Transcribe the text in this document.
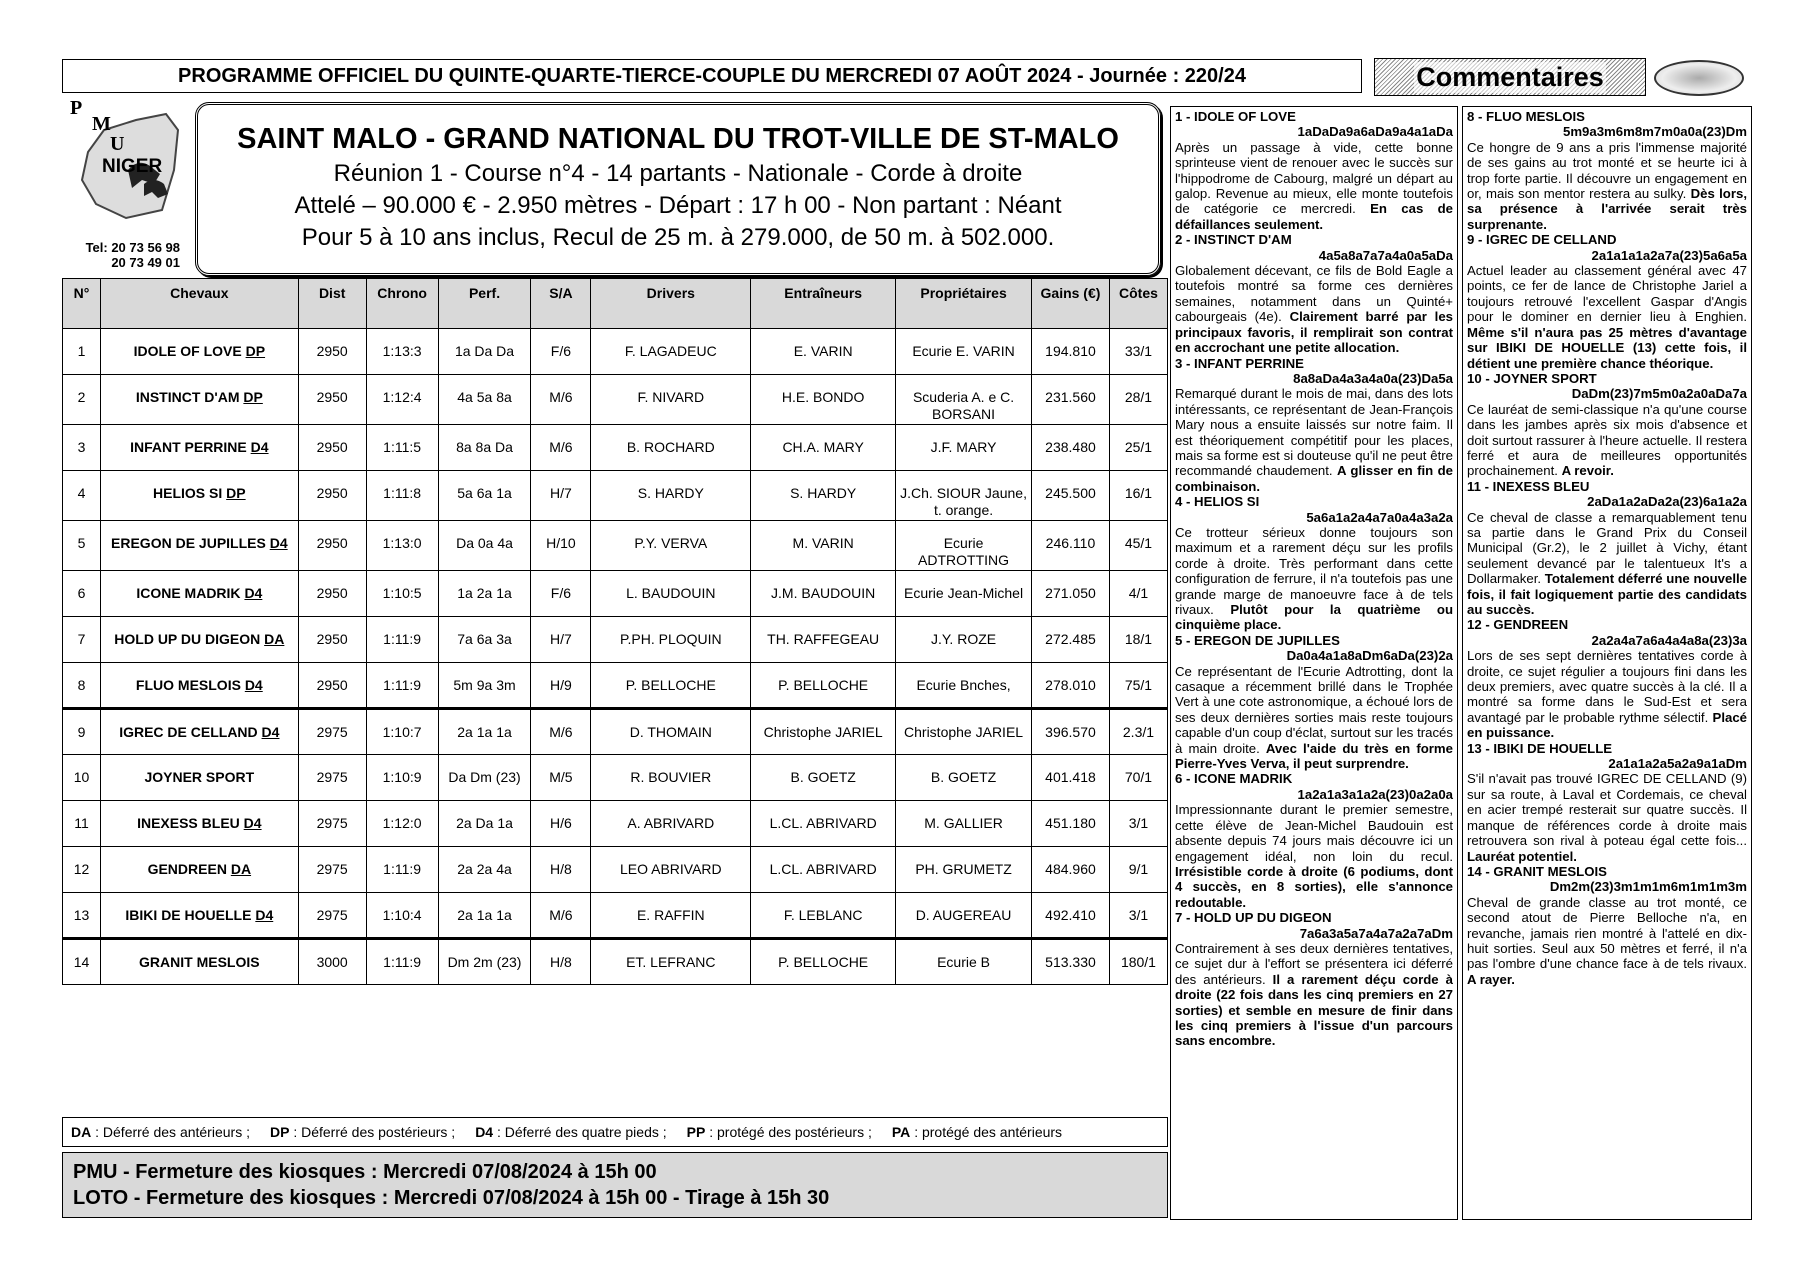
PROGRAMME OFFICIEL DU QUINTE-QUARTE-TIERCE-COUPLE DU MERCREDI 07 AOÛT 2024 - Journée : 220/24	Commentaires
P
M
U
NIGER
Tel: 20 73 56 98
20 73 49 01
SAINT MALO - GRAND NATIONAL DU TROT-VILLE DE ST-MALO
Réunion 1 - Course n°4 - 14 partants - Nationale - Corde à droite
Attelé – 90.000 € - 2.950 mètres - Départ : 17 h 00 - Non partant : Néant
Pour 5 à 10 ans inclus, Recul de 25 m. à 279.000, de 50 m. à 502.000.
N°	Chevaux	Dist	Chrono	Perf.	S/A	Drivers	Entraîneurs	Propriétaires	Gains (€)	Côtes
1	IDOLE OF LOVE DP	2950	1:13:3	1a Da Da	F/6	F. LAGADEUC	E. VARIN	Ecurie E. VARIN	194.810	33/1
2	INSTINCT D'AM DP	2950	1:12:4	4a 5a 8a	M/6	F. NIVARD	H.E. BONDO	Scuderia A. e C. BORSANI	231.560	28/1
3	INFANT PERRINE D4	2950	1:11:5	8a 8a Da	M/6	B. ROCHARD	CH.A. MARY	J.F. MARY	238.480	25/1
4	HELIOS SI DP	2950	1:11:8	5a 6a 1a	H/7	S. HARDY	S. HARDY	J.Ch. SIOUR Jaune, t. orange.	245.500	16/1
5	EREGON DE JUPILLES D4	2950	1:13:0	Da 0a 4a	H/10	P.Y. VERVA	M. VARIN	Ecurie ADTROTTING	246.110	45/1
6	ICONE MADRIK D4	2950	1:10:5	1a 2a 1a	F/6	L. BAUDOUIN	J.M. BAUDOUIN	Ecurie Jean-Michel	271.050	4/1
7	HOLD UP DU DIGEON DA	2950	1:11:9	7a 6a 3a	H/7	P.PH. PLOQUIN	TH. RAFFEGEAU	J.Y. ROZE	272.485	18/1
8	FLUO MESLOIS D4	2950	1:11:9	5m 9a 3m	H/9	P. BELLOCHE	P. BELLOCHE	Ecurie Bnches,	278.010	75/1
9	IGREC DE CELLAND D4	2975	1:10:7	2a 1a 1a	M/6	D. THOMAIN	Christophe JARIEL	Christophe JARIEL	396.570	2.3/1
10	JOYNER SPORT	2975	1:10:9	Da Dm (23)	M/5	R. BOUVIER	B. GOETZ	B. GOETZ	401.418	70/1
11	INEXESS BLEU D4	2975	1:12:0	2a Da 1a	H/6	A. ABRIVARD	L.CL. ABRIVARD	M. GALLIER	451.180	3/1
12	GENDREEN DA	2975	1:11:9	2a 2a 4a	H/8	LEO ABRIVARD	L.CL. ABRIVARD	PH. GRUMETZ	484.960	9/1
13	IBIKI DE HOUELLE D4	2975	1:10:4	2a 1a 1a	M/6	E. RAFFIN	F. LEBLANC	D. AUGEREAU	492.410	3/1
14	GRANIT MESLOIS	3000	1:11:9	Dm 2m (23)	H/8	ET. LEFRANC	P. BELLOCHE	Ecurie B	513.330	180/1
DA : Déferré des antérieurs ; DP : Déferré des postérieurs ; D4 : Déferré des quatre pieds ; PP : protégé des postérieurs ; PA : protégé des antérieurs
PMU - Fermeture des kiosques : Mercredi 07/08/2024 à 15h 00
LOTO - Fermeture des kiosques : Mercredi 07/08/2024 à 15h 00 - Tirage à 15h 30
1 - IDOLE OF LOVE
1aDaDa9a6aDa9a4a1aDa
Après un passage à vide, cette bonne sprinteuse vient de renouer avec le succès sur l'hippodrome de Cabourg, malgré un départ au galop. Revenue au mieux, elle monte toutefois de catégorie ce mercredi. En cas de défaillances seulement.
2 - INSTINCT D'AM
4a5a8a7a7a4a0a5aDa
Globalement décevant, ce fils de Bold Eagle a toutefois montré sa forme ces dernières semaines, notamment dans un Quinté+ cabourgeais (4e). Clairement barré par les principaux favoris, il remplirait son contrat en accrochant une petite allocation.
3 - INFANT PERRINE
8a8aDa4a3a4a0a(23)Da5a
Remarqué durant le mois de mai, dans des lots intéressants, ce représentant de Jean-François Mary nous a ensuite laissés sur notre faim. Il est théoriquement compétitif pour les places, mais sa forme est si douteuse qu'il ne peut être recommandé chaudement. A glisser en fin de combinaison.
4 - HELIOS SI
5a6a1a2a4a7a0a4a3a2a
Ce trotteur sérieux donne toujours son maximum et a rarement déçu sur les profils corde à droite. Très performant dans cette configuration de ferrure, il n'a toutefois pas une grande marge de manoeuvre face à de tels rivaux. Plutôt pour la quatrième ou cinquième place.
5 - EREGON DE JUPILLES
Da0a4a1a8aDm6aDa(23)2a
Ce représentant de l'Ecurie Adtrotting, dont la casaque a récemment brillé dans le Trophée Vert à une cote astronomique, a échoué lors de ses deux dernières sorties mais reste toujours capable d'un coup d'éclat, surtout sur les tracés à main droite. Avec l'aide du très en forme Pierre-Yves Verva, il peut surprendre.
6 - ICONE MADRIK
1a2a1a3a1a2a(23)0a2a0a
Impressionnante durant le premier semestre, cette élève de Jean-Michel Baudouin est absente depuis 74 jours mais découvre ici un engagement idéal, non loin du recul. Irrésistible corde à droite (6 podiums, dont 4 succès, en 8 sorties), elle s'annonce redoutable.
7 - HOLD UP DU DIGEON
7a6a3a5a7a4a7a2a7aDm
Contrairement à ses deux dernières tentatives, ce sujet dur à l'effort se présentera ici déferré des antérieurs. Il a rarement déçu corde à droite (22 fois dans les cinq premiers en 27 sorties) et semble en mesure de finir dans les cinq premiers à l'issue d'un parcours sans encombre.
8 - FLUO MESLOIS
5m9a3m6m8m7m0a0a(23)Dm
Ce hongre de 9 ans a pris l'immense majorité de ses gains au trot monté et se heurte ici à trop forte partie. Il découvre un engagement en or, mais son mentor restera au sulky. Dès lors, sa présence à l'arrivée serait très surprenante.
9 - IGREC DE CELLAND
2a1a1a1a2a7a(23)5a6a5a
Actuel leader au classement général avec 47 points, ce fer de lance de Christophe Jariel a toujours retrouvé l'excellent Gaspar d'Angis pour le dominer en dernier lieu à Enghien. Même s'il n'aura pas 25 mètres d'avantage sur IBIKI DE HOUELLE (13) cette fois, il détient une première chance théorique.
10 - JOYNER SPORT
DaDm(23)7m5m0a2a0aDa7a
Ce lauréat de semi-classique n'a qu'une course dans les jambes après six mois d'absence et doit surtout rassurer à l'heure actuelle. Il restera ferré et aura de meilleures opportunités prochainement. A revoir.
11 - INEXESS BLEU
2aDa1a2aDa2a(23)6a1a2a
Ce cheval de classe a remarquablement tenu sa partie dans le Grand Prix du Conseil Municipal (Gr.2), le 2 juillet à Vichy, étant seulement devancé par le talentueux It's a Dollarmaker. Totalement déferré une nouvelle fois, il fait logiquement partie des candidats au succès.
12 - GENDREEN
2a2a4a7a6a4a4a8a(23)3a
Lors de ses sept dernières tentatives corde à droite, ce sujet régulier a toujours fini dans les deux premiers, avec quatre succès à la clé. Il a montré sa forme dans le Sud-Est et sera avantagé par le probable rythme sélectif. Placé en puissance.
13 - IBIKI DE HOUELLE
2a1a1a2a5a2a9a1aDm
S'il n'avait pas trouvé IGREC DE CELLAND (9) sur sa route, à Laval et Cordemais, ce cheval en acier trempé resterait sur quatre succès. Il manque de références corde à droite mais retrouvera son rival à poteau égal cette fois... Lauréat potentiel.
14 - GRANIT MESLOIS
Dm2m(23)3m1m1m6m1m1m3m
Cheval de grande classe au trot monté, ce second atout de Pierre Belloche n'a, en revanche, jamais rien montré à l'attelé en dix-huit sorties. Seul aux 50 mètres et ferré, il n'a pas l'ombre d'une chance face à de tels rivaux. A rayer.
